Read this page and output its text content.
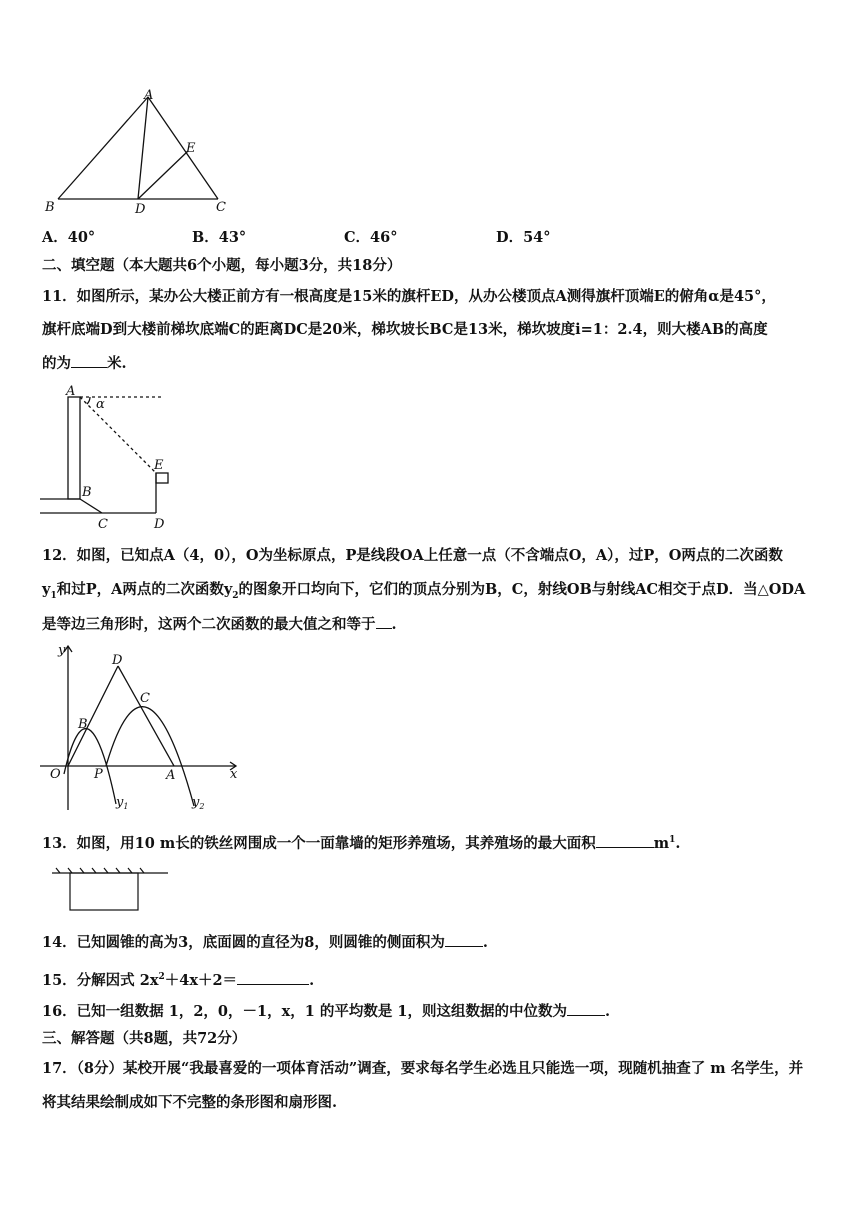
A
E
B	D	C
A．40°	B．43°	C．46°	D．54°
二、填空题（本大题共6个小题，每小题3分，共18分）
11．如图所示，某办公大楼正前方有一根高度是15米的旗杆ED，从办公楼顶点A测得旗杆顶端E的俯角α是45°，
旗杆底端D到大楼前梯坎底端C的距离DC是20米，梯坎坡长BC是13米，梯坎坡度i=1：2.4，则大楼AB的高度
的为 米.
A
α
E
B
C	D
12．如图，已知点A（4，0），O为坐标原点，P是线段OA上任意一点（不含端点O，A），过P，O两点的二次函数
$y_1$和过P，A两点的二次函数$y_2$的图象开口均向下，它们的顶点分别为B，C，射线OB与射线AC相交于点D．当△ODA
是等边三角形时，这两个二次函数的最大值之和等于 .
y
x
O	P	A
B
C
D
$y_1$	$y_2$
13．如图，用10 m长的铁丝网围成一个一面靠墙的矩形养殖场，其养殖场的最大面积	$m^1$.
14．已知圆锥的高为3，底面圆的直径为8，则圆锥的侧面积为	.
15．分解因式 $2x^2+4x+2=$	.
16．已知一组数据 1，2，0，－1，x，1 的平均数是 1，则这组数据的中位数为	.
三、解答题（共8题，共72分）
17．（8分）某校开展“我最喜爱的一项体育活动”调查，要求每名学生必选且只能选一项，现随机抽查了 m 名学生，并
将其结果绘制成如下不完整的条形图和扇形图.
